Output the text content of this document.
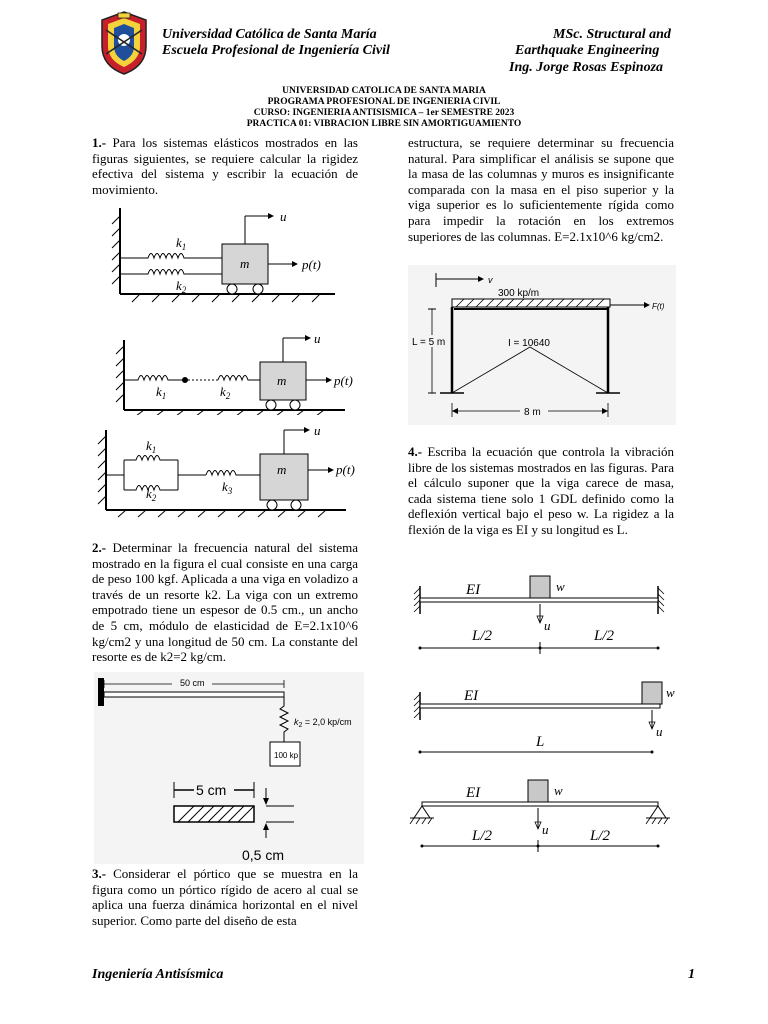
Universidad Católica de Santa María
Escuela Profesional de Ingeniería Civil
MSc. Structural and
Earthquake Engineering
Ing. Jorge Rosas Espinoza
UNIVERSIDAD CATOLICA DE SANTA MARIA
PROGRAMA PROFESIONAL DE INGENIERIA CIVIL
CURSO: INGENIERIA ANTISISMICA – 1er SEMESTRE 2023
PRACTICA 01: VIBRACION LIBRE SIN AMORTIGUAMIENTO
1.- Para los sistemas elásticos mostrados en las figuras siguientes, se requiere calcular la rigidez efectiva del sistema y escribir la ecuación de movimiento.
u
$k_1$
$k_2$
m	p(t)
u
$k_1$	$k_2$
m	p(t)
u
$k_1$
$k_2$
$k_3$
m	p(t)
2.- Determinar la frecuencia natural del sistema mostrado en la figura el cual consiste en una carga de peso 100 kgf. Aplicada a una viga en voladizo a través de un resorte k2. La viga con un extremo empotrado tiene un espesor de 0.5 cm., un ancho de 5 cm, módulo de elasticidad de E=2.1x10^6 kg/cm2 y una longitud de 50 cm. La constante del resorte es de k2=2 kg/cm.
50 cm
$k_2 = 2,0$ kp/cm
100 kp
5 cm
0,5 cm
3.- Considerar el pórtico que se muestra en la figura como un pórtico rígido de acero al cual se aplica una fuerza dinámica horizontal en el nivel superior. Como parte del diseño de esta
estructura, se requiere determinar su frecuencia natural. Para simplificar el análisis se supone que la masa de las columnas y muros es insignificante comparada con la masa en el piso superior y la viga superior es lo suficientemente rígida como para impedir la rotación en los extremos superiores de las columnas. E=2.1x10^6 kg/cm2.
v
300 kp/m
F(t)
L = 5 m	I = 10640
8 m
4.- Escriba la ecuación que controla la vibración libre de los sistemas mostrados en las figuras. Para el cálculo suponer que la viga carece de masa, cada sistema tiene solo 1 GDL definido como la deflexión vertical bajo el peso w. La rigidez a la flexión de la viga es EI y su longitud es L.
EI	w
u
L/2	L/2
EI	w
u
L
EI	w
u
L/2	L/2
Ingeniería Antisísmica	1
